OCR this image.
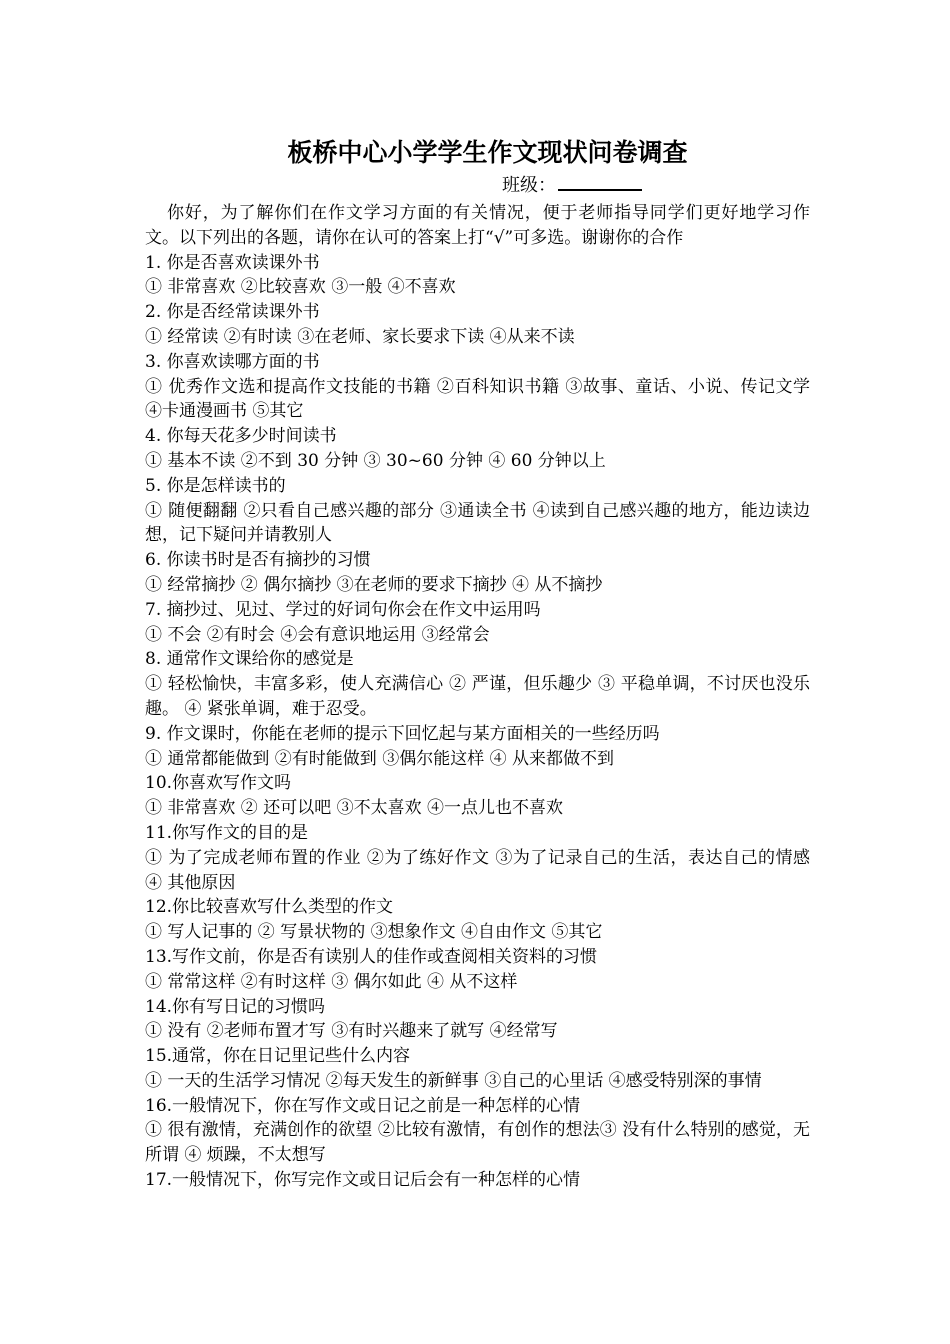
板桥中心小学学生作文现状问卷调查
班级：

你好，为了解你们在作文学习方面的有关情况，便于老师指导同学们更好地学习作文。以下列出的各题，请你在认可的答案上打“√”可多选。谢谢你的合作

1. 你是否喜欢读课外书

① 非常喜欢 ②比较喜欢 ③一般 ④不喜欢

2. 你是否经常读课外书

① 经常读 ②有时读 ③在老师、家长要求下读 ④从来不读

3. 你喜欢读哪方面的书

① 优秀作文选和提高作文技能的书籍 ②百科知识书籍 ③故事、童话、小说、传记文学 ④卡通漫画书 ⑤其它

4. 你每天花多少时间读书

① 基本不读 ②不到 30 分钟 ③ 30~60 分钟 ④ 60 分钟以上

5. 你是怎样读书的

① 随便翻翻 ②只看自己感兴趣的部分 ③通读全书 ④读到自己感兴趣的地方，能边读边想，记下疑问并请教别人

6. 你读书时是否有摘抄的习惯

① 经常摘抄 ② 偶尔摘抄 ③在老师的要求下摘抄 ④ 从不摘抄

7. 摘抄过、见过、学过的好词句你会在作文中运用吗

① 不会 ②有时会 ④会有意识地运用 ③经常会

8. 通常作文课给你的感觉是

① 轻松愉快，丰富多彩，使人充满信心 ② 严谨，但乐趣少 ③ 平稳单调，不讨厌也没乐趣。 ④ 紧张单调，难于忍受。

9. 作文课时，你能在老师的提示下回忆起与某方面相关的一些经历吗

① 通常都能做到 ②有时能做到 ③偶尔能这样 ④ 从来都做不到

10.你喜欢写作文吗

① 非常喜欢 ② 还可以吧 ③不太喜欢 ④一点儿也不喜欢

11.你写作文的目的是

① 为了完成老师布置的作业 ②为了练好作文 ③为了记录自己的生活，表达自己的情感 ④ 其他原因

12.你比较喜欢写什么类型的作文

① 写人记事的 ② 写景状物的 ③想象作文 ④自由作文 ⑤其它

13.写作文前，你是否有读别人的佳作或查阅相关资料的习惯

① 常常这样 ②有时这样 ③ 偶尔如此 ④ 从不这样

14.你有写日记的习惯吗

① 没有 ②老师布置才写 ③有时兴趣来了就写 ④经常写

15.通常，你在日记里记些什么内容

① 一天的生活学习情况 ②每天发生的新鲜事 ③自己的心里话 ④感受特别深的事情

16.一般情况下，你在写作文或日记之前是一种怎样的心情

① 很有激情，充满创作的欲望 ②比较有激情，有创作的想法③ 没有什么特别的感觉，无所谓 ④ 烦躁，不太想写

17.一般情况下，你写完作文或日记后会有一种怎样的心情
